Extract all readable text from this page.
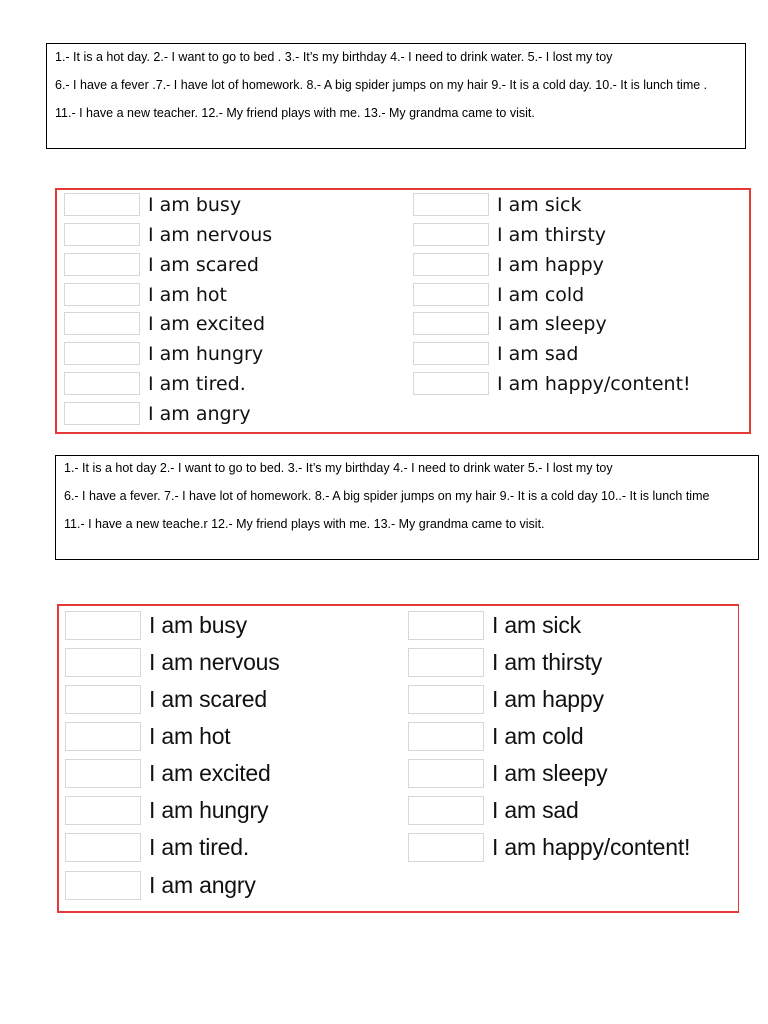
1.- It is a hot day. 2.- I want to go to bed . 3.- It’s my birthday 4.- I need to drink water. 5.- I lost my toy

6.- I have a fever .7.- I have lot of homework. 8.- A big spider jumps on my hair 9.- It is a cold day. 10.- It is lunch time .

11.- I have a new teacher. 12.- My friend plays with me. 13.- My grandma came to visit.

I am busy
I am nervous
I am scared
I am hot
I am excited
I am hungry
I am tired.
I am angry
I am sick
I am thirsty
I am happy
I am cold
I am sleepy
I am sad
I am happy/content!

1.- It is a hot day 2.- I want to go to bed. 3.- It’s my birthday 4.- I need to drink water 5.- I lost my toy

6.- I have a fever. 7.- I have lot of homework. 8.- A big spider jumps on my hair 9.- It is a cold day 10..- It is lunch time

11.- I have a new teache.r 12.- My friend plays with me. 13.- My grandma came to visit.

I am busy
I am nervous
I am scared
I am hot
I am excited
I am hungry
I am tired.
I am angry
I am sick
I am thirsty
I am happy
I am cold
I am sleepy
I am sad
I am happy/content!
